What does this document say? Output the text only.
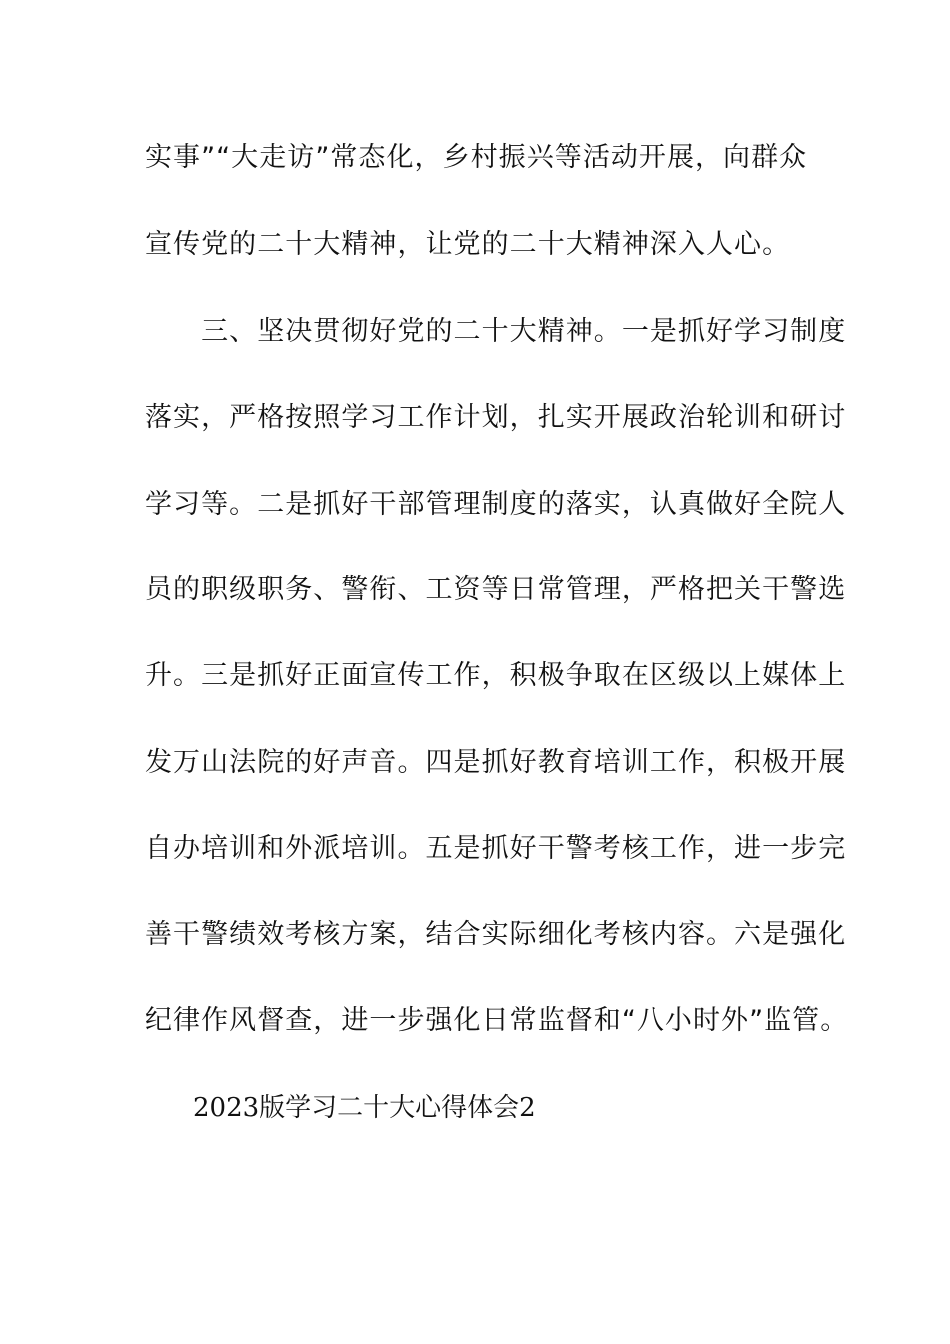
实事”“大走访”常态化，乡村振兴等活动开展，向群众
宣传党的二十大精神，让党的二十大精神深入人心。
　　三、坚决贯彻好党的二十大精神。一是抓好学习制度
落实，严格按照学习工作计划，扎实开展政治轮训和研讨
学习等。二是抓好干部管理制度的落实，认真做好全院人
员的职级职务、警衔、工资等日常管理，严格把关干警选
升。三是抓好正面宣传工作，积极争取在区级以上媒体上
发万山法院的好声音。四是抓好教育培训工作，积极开展
自办培训和外派培训。五是抓好干警考核工作，进一步完
善干警绩效考核方案，结合实际细化考核内容。六是强化
纪律作风督查，进一步强化日常监督和“八小时外”监管。
2023版学习二十大心得体会2
